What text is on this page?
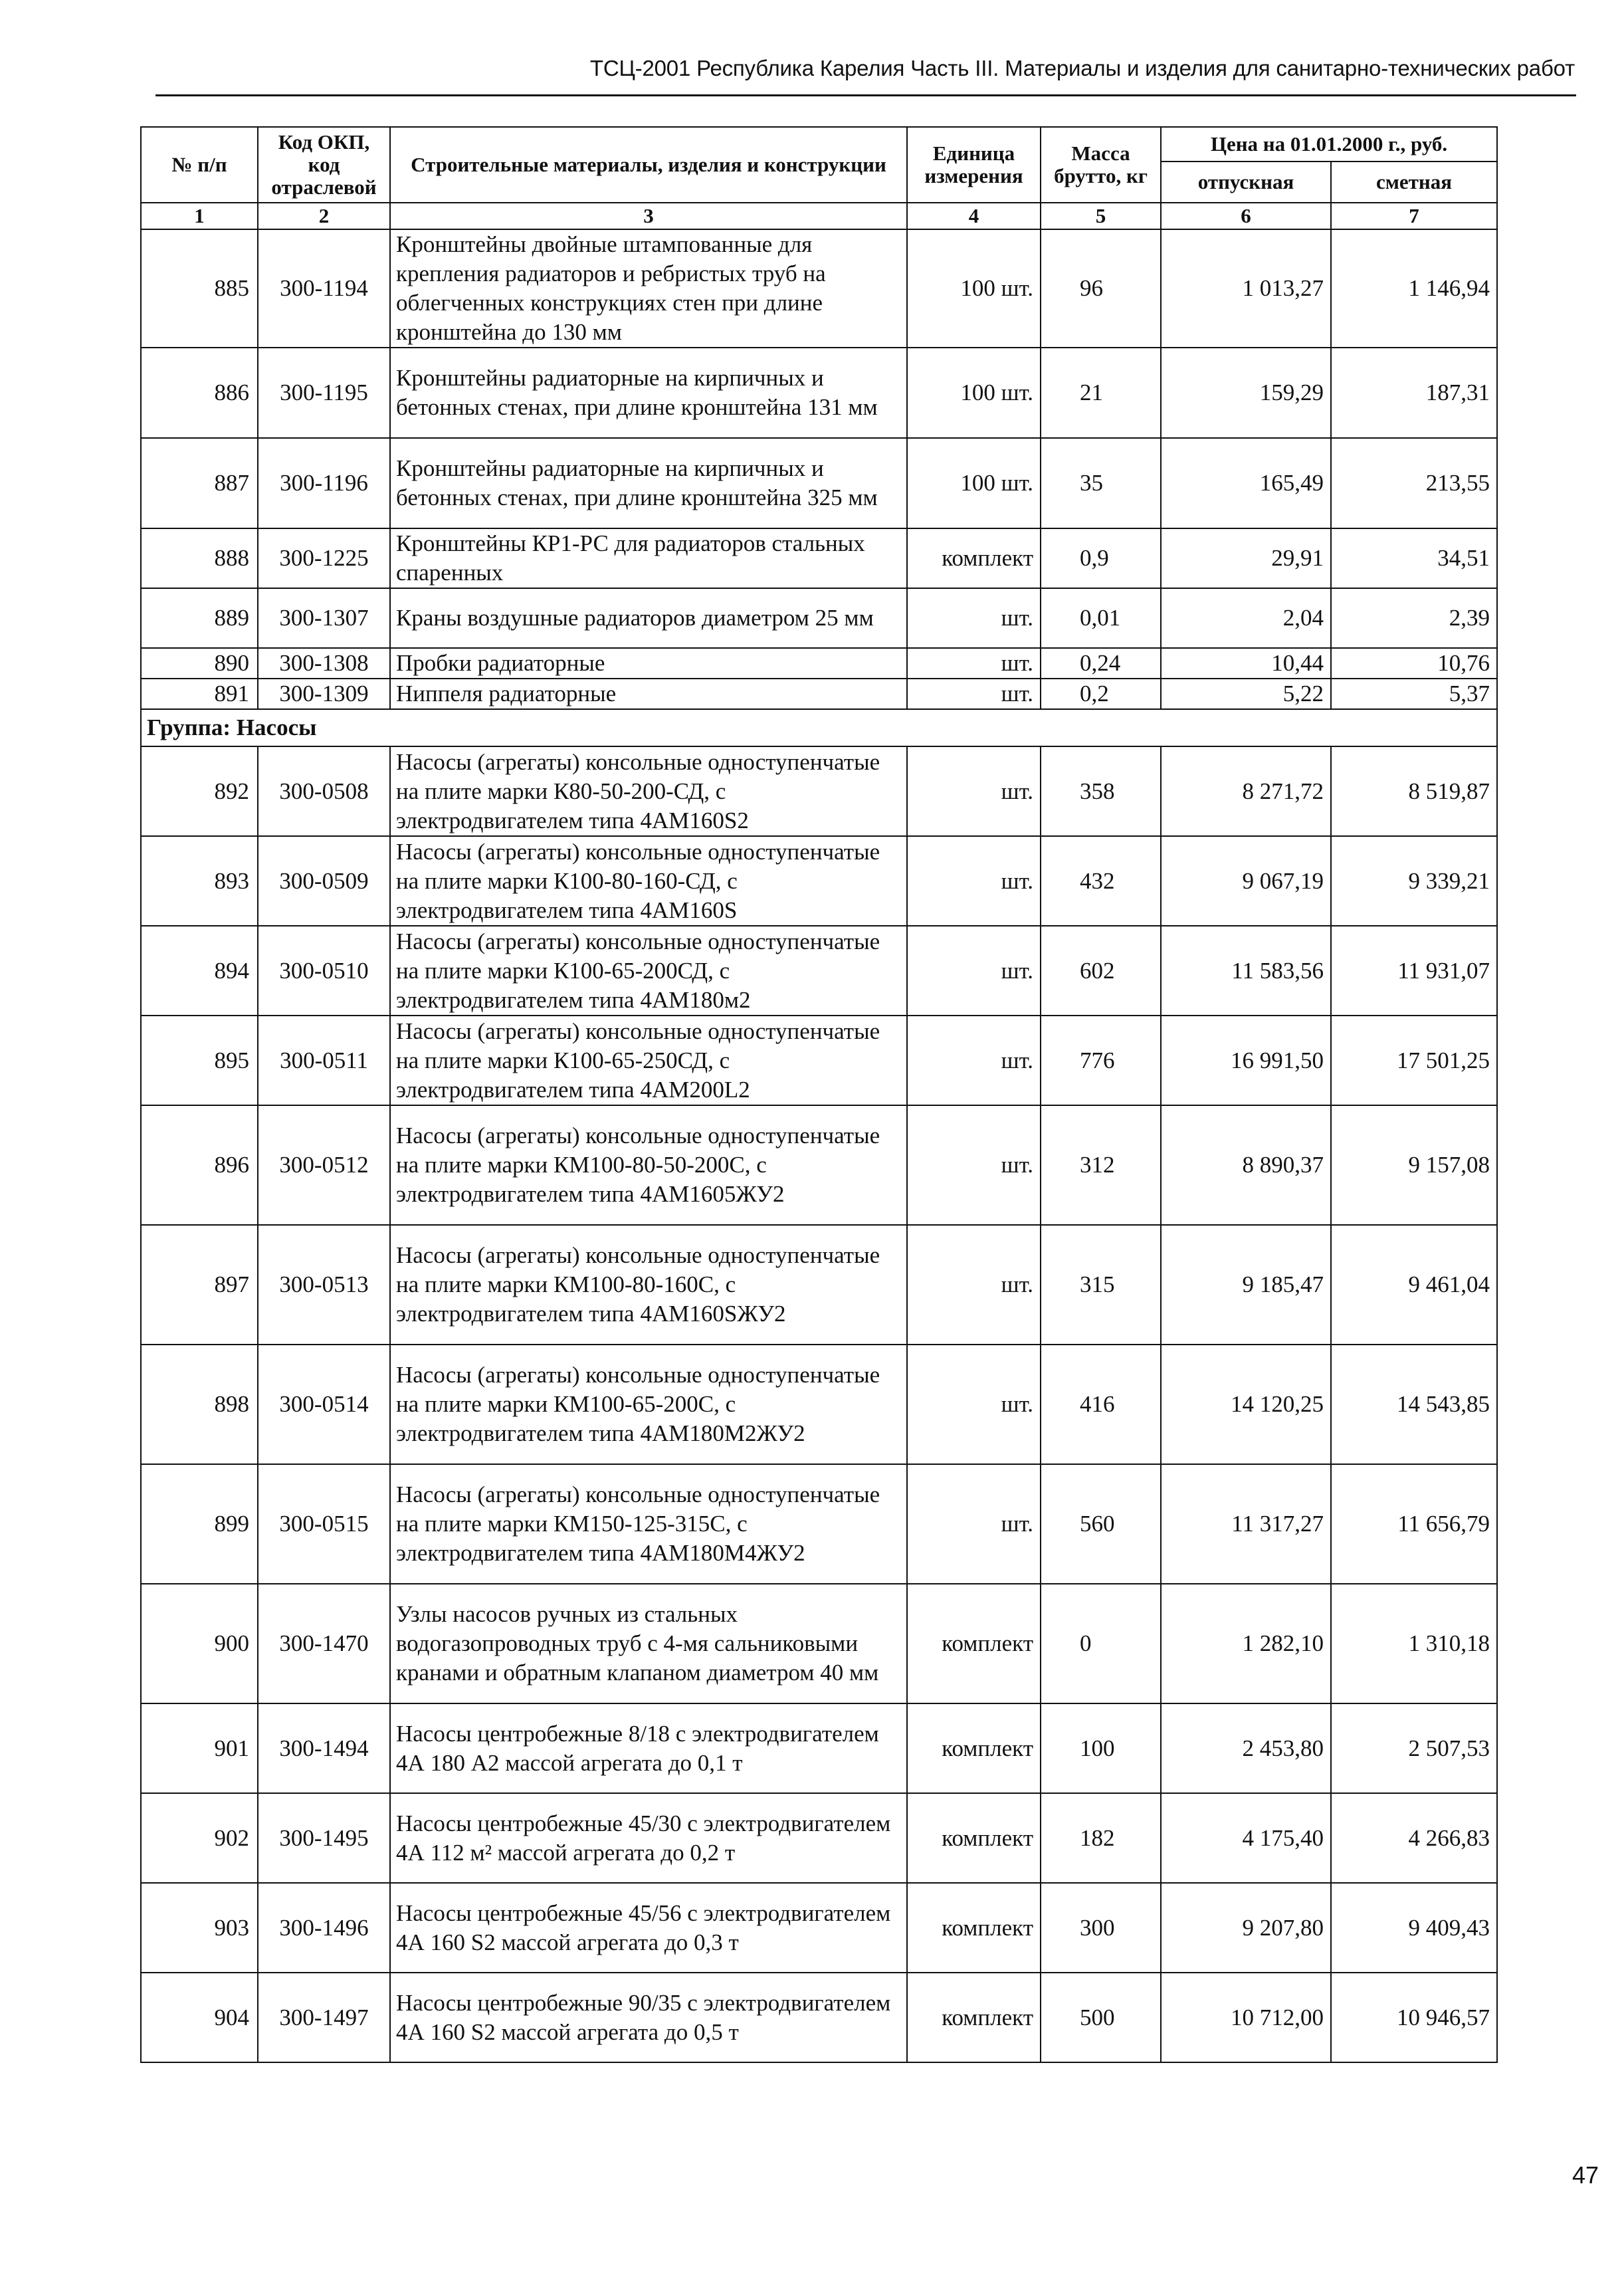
ТСЦ-2001 Республика Карелия Часть III. Материалы и изделия для санитарно-технических работ
№ п/п	Код ОКП, код отраслевой	Строительные материалы, изделия и конструкции	Единица измерения	Масса брутто, кг	Цена на 01.01.2000 г., руб.	
					отпускная	сметная
1	2	3	4	5	6	7
885	300-1194	Кронштейны двойные штампованные для крепления радиаторов и ребристых труб на облегченных конструкциях стен при длине кронштейна до 130 мм	100 шт.	96	1 013,27	1 146,94
886	300-1195	Кронштейны радиаторные на кирпичных и бетонных стенах, при длине кронштейна 131 мм	100 шт.	21	159,29	187,31
887	300-1196	Кронштейны радиаторные на кирпичных и бетонных стенах, при длине кронштейна 325 мм	100 шт.	35	165,49	213,55
888	300-1225	Кронштейны КР1-РС для радиаторов стальных спаренных	комплект	0,9	29,91	34,51
889	300-1307	Краны воздушные радиаторов диаметром 25 мм	шт.	0,01	2,04	2,39
890	300-1308	Пробки радиаторные	шт.	0,24	10,44	10,76
891	300-1309	Ниппеля радиаторные	шт.	0,2	5,22	5,37
Группа: Насосы						
892	300-0508	Насосы (агрегаты) консольные одноступенчатые на плите марки К80-50-200-СД, с электродвигателем типа 4АМ160S2	шт.	358	8 271,72	8 519,87
893	300-0509	Насосы (агрегаты) консольные одноступенчатые на плите марки К100-80-160-СД, с электродвигателем типа 4АМ160S	шт.	432	9 067,19	9 339,21
894	300-0510	Насосы (агрегаты) консольные одноступенчатые на плите марки К100-65-200СД, с электродвигателем типа 4АМ180м2	шт.	602	11 583,56	11 931,07
895	300-0511	Насосы (агрегаты) консольные одноступенчатые на плите марки К100-65-250СД, с электродвигателем типа 4АМ200L2	шт.	776	16 991,50	17 501,25
896	300-0512	Насосы (агрегаты) консольные одноступенчатые на плите марки КМ100-80-50-200С, с электродвигателем типа 4АМ1605ЖУ2	шт.	312	8 890,37	9 157,08
897	300-0513	Насосы (агрегаты) консольные одноступенчатые на плите марки КМ100-80-160С, с электродвигателем типа 4АМ160SЖУ2	шт.	315	9 185,47	9 461,04
898	300-0514	Насосы (агрегаты) консольные одноступенчатые на плите марки КМ100-65-200С, с электродвигателем типа 4АМ180М2ЖУ2	шт.	416	14 120,25	14 543,85
899	300-0515	Насосы (агрегаты) консольные одноступенчатые на плите марки КМ150-125-315С, с электродвигателем типа 4АМ180М4ЖУ2	шт.	560	11 317,27	11 656,79
900	300-1470	Узлы насосов ручных из стальных водогазопроводных труб с 4-мя сальниковыми кранами и обратным клапаном диаметром 40 мм	комплект	0	1 282,10	1 310,18
901	300-1494	Насосы центробежные 8/18 с электродвигателем 4А 180 А2 массой агрегата до 0,1 т	комплект	100	2 453,80	2 507,53
902	300-1495	Насосы центробежные 45/30 с электродвигателем 4А 112 м² массой агрегата до 0,2 т	комплект	182	4 175,40	4 266,83
903	300-1496	Насосы центробежные 45/56 с электродвигателем 4А 160 S2 массой агрегата до 0,3 т	комплект	300	9 207,80	9 409,43
904	300-1497	Насосы центробежные 90/35 с электродвигателем 4А 160 S2 массой агрегата до 0,5 т	комплект	500	10 712,00	10 946,57
47
